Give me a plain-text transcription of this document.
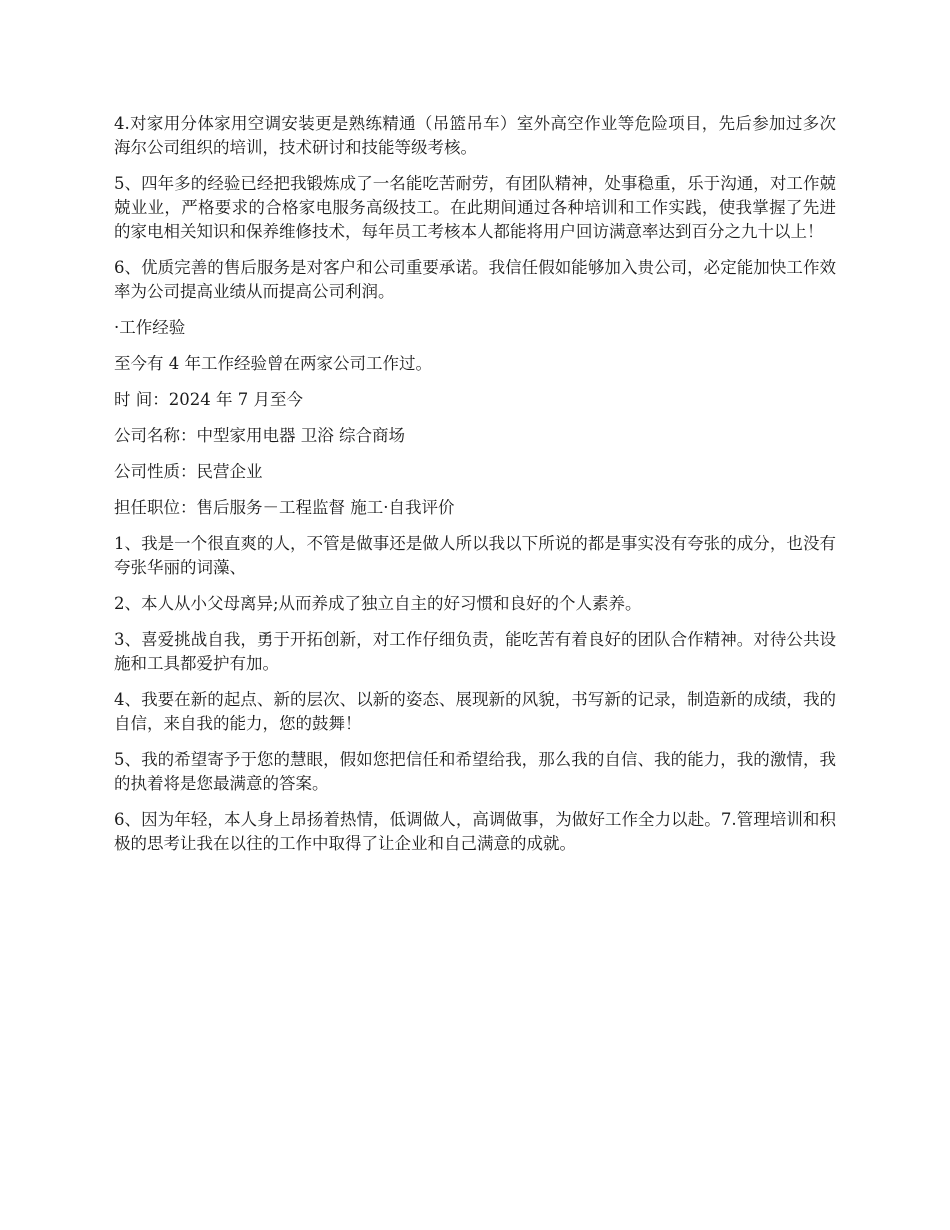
4.对家用分体家用空调安装更是熟练精通（吊篮吊车）室外高空作业等危险项目，先后参加过多次海尔公司组织的培训，技术研讨和技能等级考核。

5、四年多的经验已经把我锻炼成了一名能吃苦耐劳，有团队精神，处事稳重，乐于沟通，对工作兢兢业业，严格要求的合格家电服务高级技工。在此期间通过各种培训和工作实践，使我掌握了先进的家电相关知识和保养维修技术，每年员工考核本人都能将用户回访满意率达到百分之九十以上！

6、优质完善的售后服务是对客户和公司重要承诺。我信任假如能够加入贵公司，必定能加快工作效率为公司提高业绩从而提高公司利润。

·工作经验

至今有 4 年工作经验曾在两家公司工作过。

时 间：2024 年 7 月至今

公司名称：中型家用电器 卫浴 综合商场

公司性质：民营企业

担任职位：售后服务－工程监督 施工·自我评价

1、我是一个很直爽的人，不管是做事还是做人所以我以下所说的都是事实没有夸张的成分，也没有夸张华丽的词藻、

2、本人从小父母离异;从而养成了独立自主的好习惯和良好的个人素养。

3、喜爱挑战自我，勇于开拓创新，对工作仔细负责，能吃苦有着良好的团队合作精神。对待公共设施和工具都爱护有加。

4、我要在新的起点、新的层次、以新的姿态、展现新的风貌，书写新的记录，制造新的成绩，我的自信，来自我的能力，您的鼓舞！

5、我的希望寄予于您的慧眼，假如您把信任和希望给我，那么我的自信、我的能力，我的激情，我的执着将是您最满意的答案。

6、因为年轻，本人身上昂扬着热情，低调做人，高调做事，为做好工作全力以赴。7.管理培训和积极的思考让我在以往的工作中取得了让企业和自己满意的成就。
